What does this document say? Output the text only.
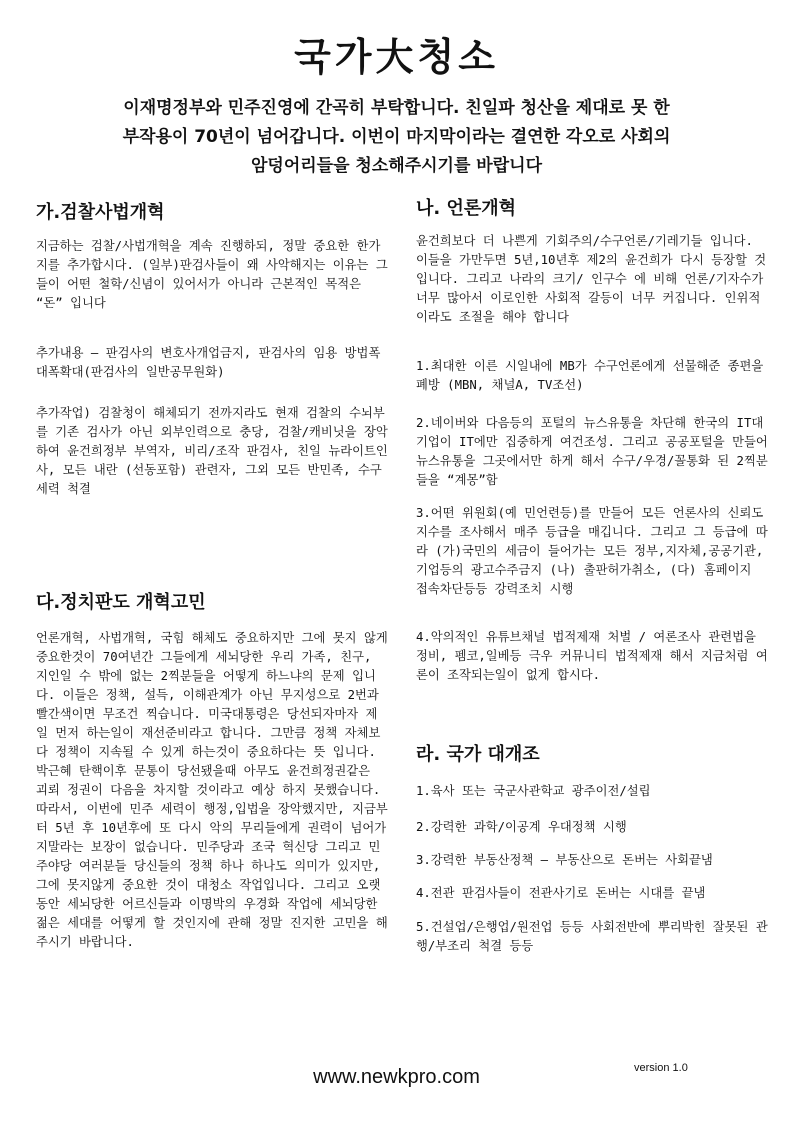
국가大청소
이재명정부와 민주진영에 간곡히 부탁합니다. 친일파 청산을 제대로 못 한
부작용이 70년이 넘어갑니다. 이번이 마지막이라는 결연한 각오로 사회의
암덩어리들을 청소해주시기를 바랍니다
가.검찰사법개혁

지금하는 검찰/사법개혁을 계속 진행하되, 정말 중요한 한가지를 추가합시다. (일부)판검사들이 왜 사악해지는 이유는 그들이 어떤 철학/신념이 있어서가 아니라 근본적인 목적은 “돈” 입니다

추가내용 – 판검사의 변호사개업금지, 판검사의 임용 방법폭 대폭확대(판검사의 일반공무원화)

추가작업) 검찰청이 해체되기 전까지라도 현재 검찰의 수뇌부를 기존 검사가 아닌 외부인력으로 충당, 검찰/캐비닛을 장악하여 윤건희정부 부역자, 비리/조작 판검사, 친일 뉴라이트인사, 모든 내란 (선동포함) 관련자, 그외 모든 반민족, 수구세력 척결

다.정치판도 개혁고민

언론개혁, 사법개혁, 국힘 해체도 중요하지만 그에 못지 않게 중요한것이 70여년간 그들에게 세뇌당한 우리 가족, 친구, 지인일 수 밖에 없는 2찍분들을 어떻게 하느냐의 문제 입니다. 이들은 정책, 설득, 이해관계가 아닌 무지성으로 2번과 빨간색이면 무조건 찍습니다. 미국대통령은 당선되자마자 제일 먼저 하는일이 재선준비라고 합니다. 그만큼 정책 자체보다 정책이 지속될 수 있게 하는것이 중요하다는 뜻 입니다. 박근혜 탄핵이후 문통이 당선됐을때 아무도 윤건희정권같은 괴뢰 정권이 다음을 차지할 것이라고 예상 하지 못했습니다. 따라서, 이번에 민주 세력이 행정,입법을 장악했지만, 지금부터 5년 후 10년후에 또 다시 악의 무리들에게 권력이 넘어가지말라는 보장이 없습니다. 민주당과 조국 혁신당 그리고 민주야당 여러분들 당신들의 정책 하나 하나도 의미가 있지만, 그에 못지않게 중요한 것이 대청소 작업입니다. 그리고 오랫동안 세뇌당한 어르신들과 이명박의 우경화 작업에 세뇌당한 젊은 세대를 어떻게 할 것인지에 관해 정말 진지한 고민을 해주시기 바랍니다.

나. 언론개혁

윤건희보다 더 나쁜게 기회주의/수구언론/기레기들 입니다. 이들을 가만두면 5년,10년후 제2의 윤건희가 다시 등장할 것입니다. 그리고 나라의 크기/ 인구수 에 비해 언론/기자수가 너무 많아서 이로인한 사회적 갈등이 너무 커집니다. 인위적이라도 조절을 해야 합니다

1.최대한 이른 시일내에 MB가 수구언론에게 선물해준 종편을 폐방 (MBN, 채널A, TV조선)

2.네이버와 다음등의 포털의 뉴스유통을 차단해 한국의 IT대기업이 IT에만 집중하게 여건조성. 그리고 공공포털을 만들어 뉴스유통을 그곳에서만 하게 해서 수구/우경/꼴통화 된 2찍분들을 “계몽”함

3.어떤 위원회(예 민언련등)를 만들어 모든 언론사의 신뢰도 지수를 조사해서 매주 등급을 매깁니다. 그리고 그 등급에 따라 (가)국민의 세금이 들어가는 모든 정부,지자체,공공기관,기업등의 광고수주금지 (나) 출판허가취소, (다) 홈페이지 접속차단등등 강력조치 시행

4.악의적인 유튜브채널 법적제재 처벌 / 여론조사 관련법을 정비, 펨코,일베등 극우 커뮤니티 법적제재 해서 지금처럼 여론이 조작되는일이 없게 합시다.

라. 국가 대개조

1.육사 또는 국군사관학교 광주이전/설립

2.강력한 과학/이공계 우대정책 시행

3.강력한 부동산정책 – 부동산으로 돈버는 사회끝냄

4.전관 판검사들이 전관사기로 돈버는 시대를 끝냄

5.건설업/은행업/원전업 등등 사회전반에 뿌리박힌 잘못된 관행/부조리 척결 등등

www.newkpro.com	version 1.0
